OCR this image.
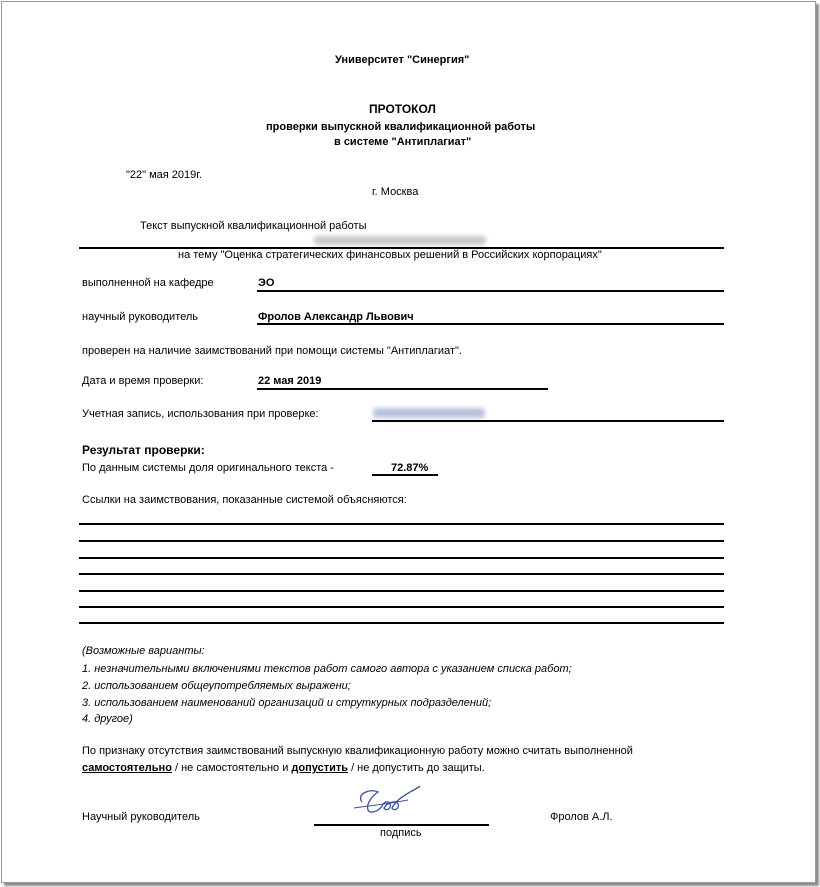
Университет "Синергия"
ПРОТОКОЛ
проверки выпускной квалификационной работы
в системе "Антиплагиат"
"22" мая 2019г.
г. Москва
Текст выпускной квалификационной работы
на тему "Оценка стратегических финансовых решений в Российских корпорациях"
выполненной на кафедре	ЭО
научный руководитель	Фролов Александр Львович
проверен на наличие заимствований при помощи системы "Антиплагиат".
Дата и время проверки:	22 мая 2019
Учетная запись, использования при проверке:
Результат проверки:
По данным системы доля оригинального текста -	72.87%
Ссылки на заимствования, показанные системой объясняются:
(Возможные варианты:
1. незначительными включениями текстов работ самого автора с указанием списка работ;
2. использованием общеупотребляемых выражени;
3. использованием наименований организаций и струткурных подразделений;
4. другое)
По признаку отсутствия заимствований выпускную квалификационную работу можно считать выполненной
самостоятельно / не самостоятельно и допустить / не допустить до защиты.
Научный руководитель
подпись
Фролов А.Л.
